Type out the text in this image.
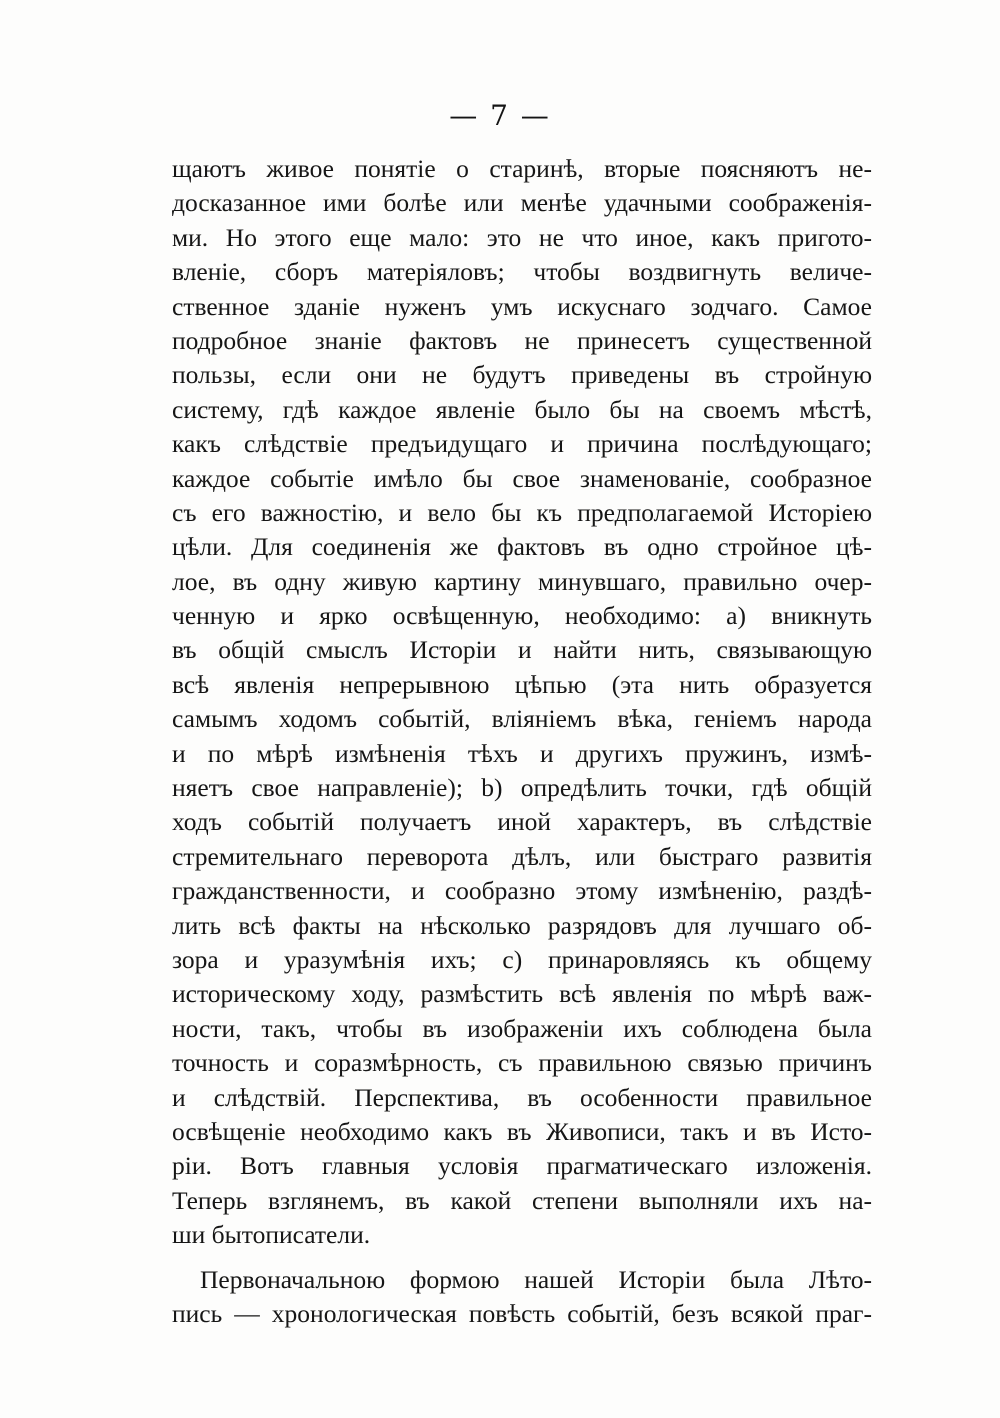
— 7 —
щаютъ живое понятіе о старинѣ, вторые поясняютъ не-
досказанное ими болѣе или менѣе удачными соображенія-
ми. Но этого еще мало: это не что иное, какъ пригото-
вленіе, сборъ матеріяловъ; чтобы воздвигнуть величе-
ственное зданіе нуженъ умъ искуснаго зодчаго. Самое
подробное знаніе фактовъ не принесетъ существенной
пользы, если они не будутъ приведены въ стройную
систему, гдѣ каждое явленіе было бы на своемъ мѣстѣ,
какъ слѣдствіе предъидущаго и причина послѣдующаго;
каждое событіе имѣло бы свое знаменованіе, сообразное
съ его важностію, и вело бы къ предполагаемой Исторіею
цѣли. Для соединенія же фактовъ въ одно стройное цѣ-
лое, въ одну живую картину минувшаго, правильно очер-
ченную и ярко освѣщенную, необходимо: а) вникнуть
въ общій смыслъ Исторіи и найти нить, связывающую
всѣ явленія непрерывною цѣпью (эта нить образуется
самымъ ходомъ событій, вліяніемъ вѣка, геніемъ народа
и по мѣрѣ измѣненія тѣхъ и другихъ пружинъ, измѣ-
няетъ свое направленіе); b) опредѣлить точки, гдѣ общій
ходъ событій получаетъ иной характеръ, въ слѣдствіе
стремительнаго переворота дѣлъ, или быстраго развитія
гражданственности, и сообразно этому измѣненію, раздѣ-
лить всѣ факты на нѣсколько разрядовъ для лучшаго об-
зора и уразумѣнія ихъ; с) принаровляясь къ общему
историческому ходу, размѣстить всѣ явленія по мѣрѣ важ-
ности, такъ, чтобы въ изображеніи ихъ соблюдена была
точность и соразмѣрность, съ правильною связью причинъ
и слѣдствій. Перспектива, въ особенности правильное
освѣщеніе необходимо какъ въ Живописи, такъ и въ Исто-
ріи. Вотъ главныя условія прагматическаго изложенія.
Теперь взглянемъ, въ какой степени выполняли ихъ на-
ши бытописатели.
Первоначальною формою нашей Исторіи была Лѣто-
пись — хронологическая повѣсть событій, безъ всякой праг-
